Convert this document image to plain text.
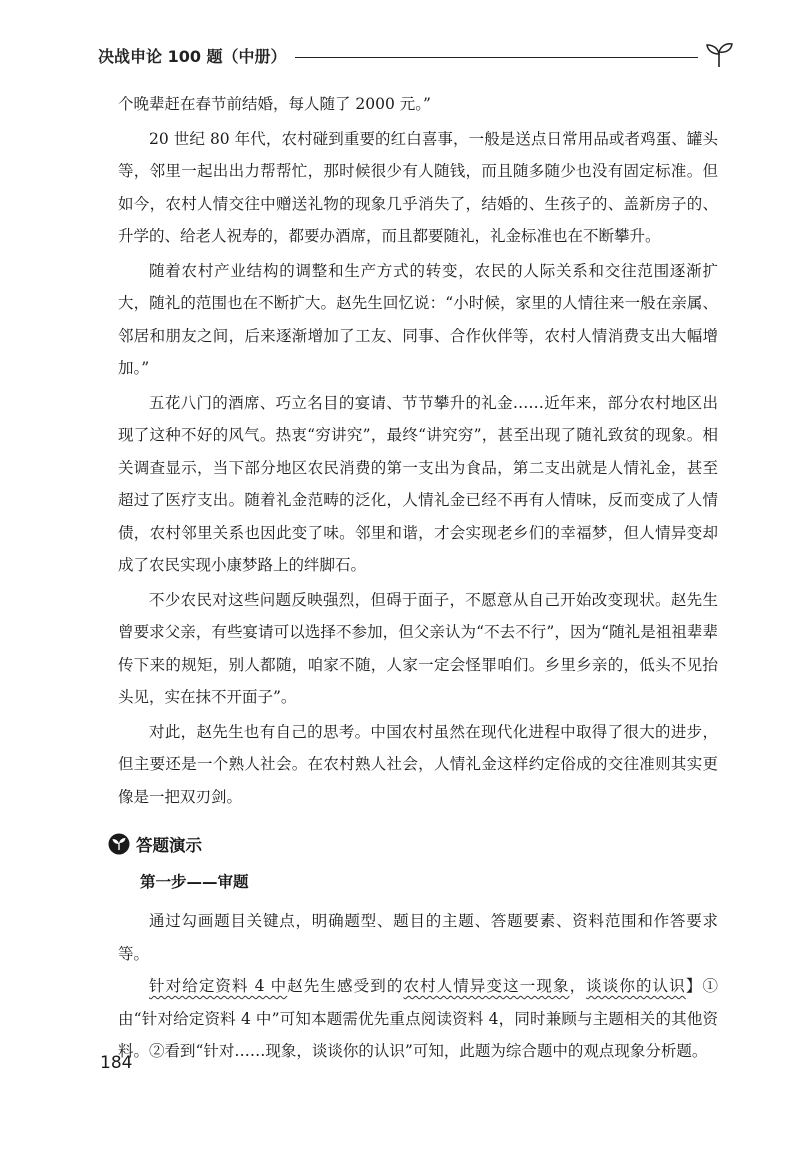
决战申论 100 题（中册）

个晚辈赶在春节前结婚，每人随了 2000 元。”

20 世纪 80 年代，农村碰到重要的红白喜事，一般是送点日常用品或者鸡蛋、罐头等，邻里一起出出力帮帮忙，那时候很少有人随钱，而且随多随少也没有固定标准。但如今，农村人情交往中赠送礼物的现象几乎消失了，结婚的、生孩子的、盖新房子的、升学的、给老人祝寿的，都要办酒席，而且都要随礼，礼金标准也在不断攀升。

随着农村产业结构的调整和生产方式的转变，农民的人际关系和交往范围逐渐扩大，随礼的范围也在不断扩大。赵先生回忆说：“小时候，家里的人情往来一般在亲属、邻居和朋友之间，后来逐渐增加了工友、同事、合作伙伴等，农村人情消费支出大幅增加。”

五花八门的酒席、巧立名目的宴请、节节攀升的礼金……近年来，部分农村地区出现了这种不好的风气。热衷“穷讲究”，最终“讲究穷”，甚至出现了随礼致贫的现象。相关调查显示，当下部分地区农民消费的第一支出为食品，第二支出就是人情礼金，甚至超过了医疗支出。随着礼金范畴的泛化，人情礼金已经不再有人情味，反而变成了人情债，农村邻里关系也因此变了味。邻里和谐，才会实现老乡们的幸福梦，但人情异变却成了农民实现小康梦路上的绊脚石。

不少农民对这些问题反映强烈，但碍于面子，不愿意从自己开始改变现状。赵先生曾要求父亲，有些宴请可以选择不参加，但父亲认为“不去不行”，因为“随礼是祖祖辈辈传下来的规矩，别人都随，咱家不随，人家一定会怪罪咱们。乡里乡亲的，低头不见抬头见，实在抹不开面子”。

对此，赵先生也有自己的思考。中国农村虽然在现代化进程中取得了很大的进步，但主要还是一个熟人社会。在农村熟人社会，人情礼金这样约定俗成的交往准则其实更像是一把双刃剑。

答题演示
第一步——审题

通过勾画题目关键点，明确题型、题目的主题、答题要素、资料范围和作答要求等。

针对给定资料 4 中赵先生感受到的农村人情异变这一现象，谈谈你的认识】①由“针对给定资料 4 中”可知本题需优先重点阅读资料 4，同时兼顾与主题相关的其他资料。②看到“针对……现象，谈谈你的认识”可知，此题为综合题中的观点现象分析题。

184
